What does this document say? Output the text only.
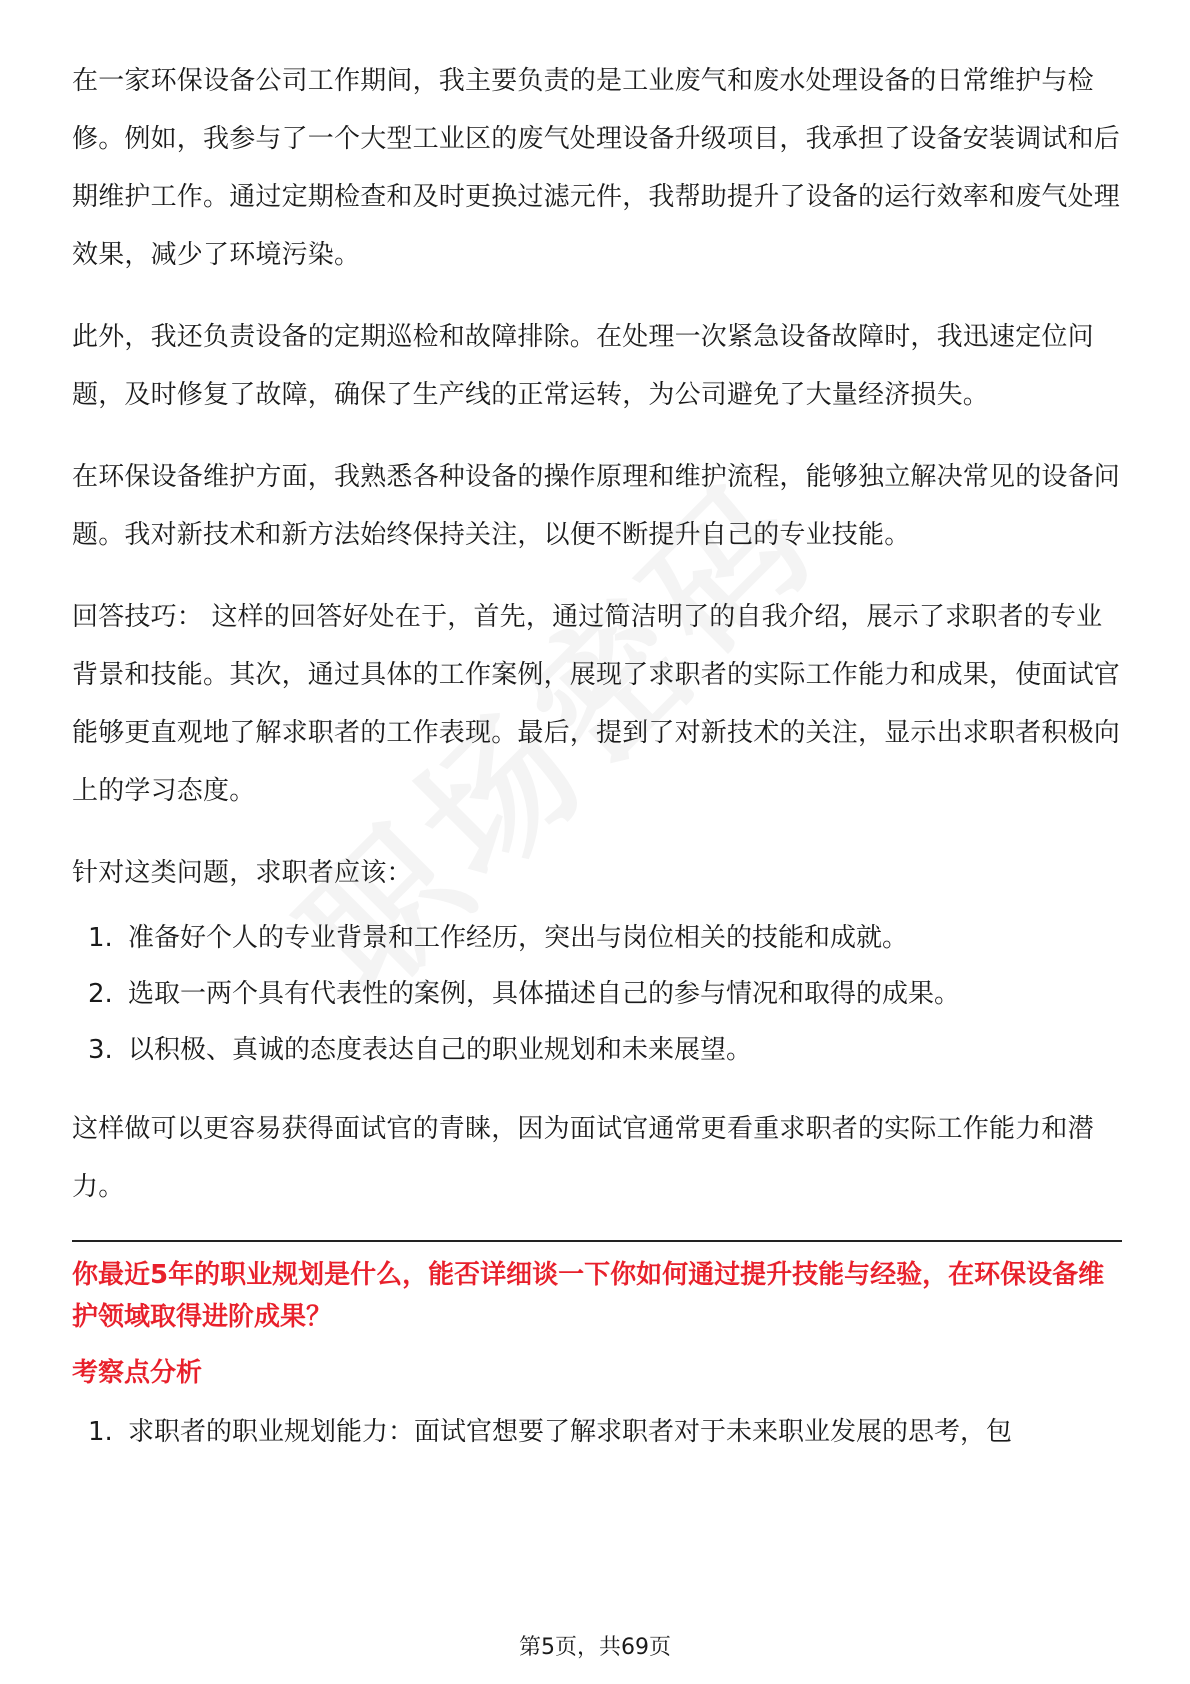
在一家环保设备公司工作期间，我主要负责的是工业废气和废水处理设备的日常维护与检修。例如，我参与了一个大型工业区的废气处理设备升级项目，我承担了设备安装调试和后期维护工作。通过定期检查和及时更换过滤元件，我帮助提升了设备的运行效率和废气处理效果，减少了环境污染。

此外，我还负责设备的定期巡检和故障排除。在处理一次紧急设备故障时，我迅速定位问题，及时修复了故障，确保了生产线的正常运转，为公司避免了大量经济损失。

在环保设备维护方面，我熟悉各种设备的操作原理和维护流程，能够独立解决常见的设备问题。我对新技术和新方法始终保持关注，以便不断提升自己的专业技能。

回答技巧： 这样的回答好处在于，首先，通过简洁明了的自我介绍，展示了求职者的专业背景和技能。其次，通过具体的工作案例，展现了求职者的实际工作能力和成果，使面试官能够更直观地了解求职者的工作表现。最后，提到了对新技术的关注，显示出求职者积极向上的学习态度。

针对这类问题，求职者应该：

1. 准备好个人的专业背景和工作经历，突出与岗位相关的技能和成就。
2. 选取一两个具有代表性的案例，具体描述自己的参与情况和取得的成果。
3. 以积极、真诚的态度表达自己的职业规划和未来展望。

这样做可以更容易获得面试官的青睐，因为面试官通常更看重求职者的实际工作能力和潜力。

你最近5年的职业规划是什么，能否详细谈一下你如何通过提升技能与经验，在环保设备维护领域取得进阶成果？
考察点分析
1. 求职者的职业规划能力：面试官想要了解求职者对于未来职业发展的思考，包
第5页，共69页
